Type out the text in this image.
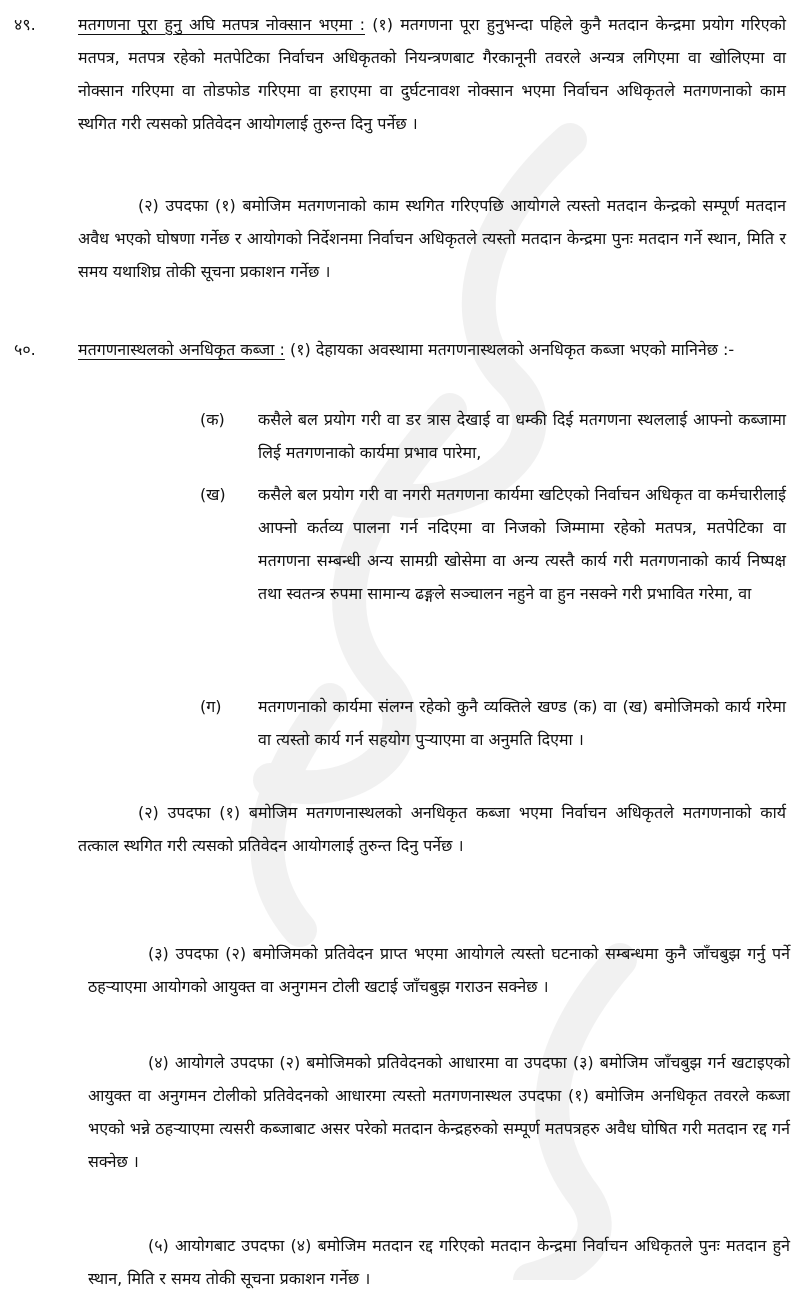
४९.	मतगणना पूरा हुनु अघि मतपत्र नोक्सान भएमा : (१) मतगणना पूरा हुनुभन्दा पहिले कुनै मतदान केन्द्रमा प्रयोग गरिएको मतपत्र, मतपत्र रहेको मतपेटिका निर्वाचन अधिकृतको नियन्त्रणबाट गैरकानूनी तवरले अन्यत्र लगिएमा वा खोलिएमा वा नोक्सान गरिएमा वा तोडफोड गरिएमा वा हराएमा वा दुर्घटनावश नोक्सान भएमा निर्वाचन अधिकृतले मतगणनाको काम स्थगित गरी त्यसको प्रतिवेदन आयोगलाई तुरुन्त दिनु पर्नेछ ।

(२) उपदफा (१) बमोजिम मतगणनाको काम स्थगित गरिएपछि आयोगले त्यस्तो मतदान केन्द्रको सम्पूर्ण मतदान अवैध भएको घोषणा गर्नेछ र आयोगको निर्देशनमा निर्वाचन अधिकृतले त्यस्तो मतदान केन्द्रमा पुनः मतदान गर्ने स्थान, मिति र समय यथाशिघ्र तोकी सूचना प्रकाशन गर्नेछ ।

५०.	मतगणनास्थलको अनधिकृत कब्जा : (१) देहायका अवस्थामा मतगणनास्थलको अनधिकृत कब्जा भएको मानिनेछ :-

(क) कसैले बल प्रयोग गरी वा डर त्रास देखाई वा धम्की दिई मतगणना स्थललाई आफ्नो कब्जामा लिई मतगणनाको कार्यमा प्रभाव पारेमा,

(ख) कसैले बल प्रयोग गरी वा नगरी मतगणना कार्यमा खटिएको निर्वाचन अधिकृत वा कर्मचारीलाई आफ्नो कर्तव्य पालना गर्न नदिएमा वा निजको जिम्मामा रहेको मतपत्र, मतपेटिका वा मतगणना सम्बन्धी अन्य सामग्री खोसेमा वा अन्य त्यस्तै कार्य गरी मतगणनाको कार्य निष्पक्ष तथा स्वतन्त्र रुपमा सामान्य ढङ्गले सञ्चालन नहुने वा हुन नसक्ने गरी प्रभावित गरेमा, वा

(ग) मतगणनाको कार्यमा संलग्न रहेको कुनै व्यक्तिले खण्ड (क) वा (ख) बमोजिमको कार्य गरेमा वा त्यस्तो कार्य गर्न सहयोग पुऱ्याएमा वा अनुमति दिएमा ।

(२) उपदफा (१) बमोजिम मतगणनास्थलको अनधिकृत कब्जा भएमा निर्वाचन अधिकृतले मतगणनाको कार्य तत्काल स्थगित गरी त्यसको प्रतिवेदन आयोगलाई तुरुन्त दिनु पर्नेछ ।

(३) उपदफा (२) बमोजिमको प्रतिवेदन प्राप्त भएमा आयोगले त्यस्तो घटनाको सम्बन्धमा कुनै जाँचबुझ गर्नु पर्ने ठहऱ्याएमा आयोगको आयुक्त वा अनुगमन टोली खटाई जाँचबुझ गराउन सक्नेछ ।

(४) आयोगले उपदफा (२) बमोजिमको प्रतिवेदनको आधारमा वा उपदफा (३) बमोजिम जाँचबुझ गर्न खटाइएको आयुक्त वा अनुगमन टोलीको प्रतिवेदनको आधारमा त्यस्तो मतगणनास्थल उपदफा (१) बमोजिम अनधिकृत तवरले कब्जा भएको भन्ने ठहऱ्याएमा त्यसरी कब्जाबाट असर परेको मतदान केन्द्रहरुको सम्पूर्ण मतपत्रहरु अवैध घोषित गरी मतदान रद्द गर्न सक्नेछ ।

(५) आयोगबाट उपदफा (४) बमोजिम मतदान रद्द गरिएको मतदान केन्द्रमा निर्वाचन अधिकृतले पुनः मतदान हुने स्थान, मिति र समय तोकी सूचना प्रकाशन गर्नेछ ।
